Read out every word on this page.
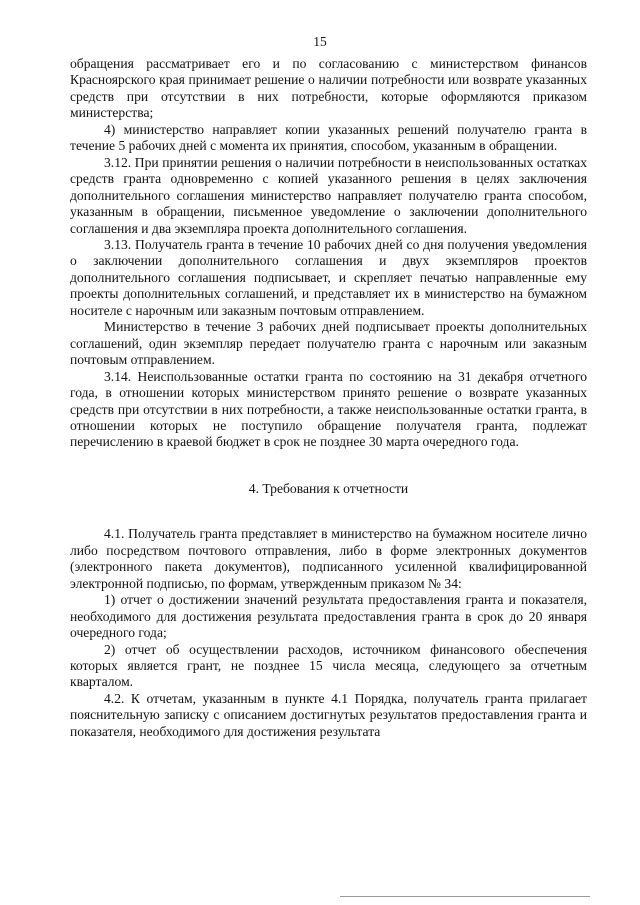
15

обращения рассматривает его и по согласованию с министерством финансов Красноярского края принимает решение о наличии потребности или возврате указанных средств при отсутствии в них потребности, которые оформляются приказом министерства;

4) министерство направляет копии указанных решений получателю гранта в течение 5 рабочих дней с момента их принятия, способом, указанным в обращении.

3.12. При принятии решения о наличии потребности в неиспользованных остатках средств гранта одновременно с копией указанного решения в целях заключения дополнительного соглашения министерство направляет получателю гранта способом, указанным в обращении, письменное уведомление о заключении дополнительного соглашения и два экземпляра проекта дополнительного соглашения.

3.13. Получатель гранта в течение 10 рабочих дней со дня получения уведомления о заключении дополнительного соглашения и двух экземпляров проектов дополнительного соглашения подписывает, и скрепляет печатью направленные ему проекты дополнительных соглашений, и представляет их в министерство на бумажном носителе с нарочным или заказным почтовым отправлением.

Министерство в течение 3 рабочих дней подписывает проекты дополнительных соглашений, один экземпляр передает получателю гранта с нарочным или заказным почтовым отправлением.

3.14. Неиспользованные остатки гранта по состоянию на 31 декабря отчетного года, в отношении которых министерством принято решение о возврате указанных средств при отсутствии в них потребности, а также неиспользованные остатки гранта, в отношении которых не поступило обращение получателя гранта, подлежат перечислению в краевой бюджет в срок не позднее 30 марта очередного года.

4. Требования к отчетности

4.1. Получатель гранта представляет в министерство на бумажном носителе лично либо посредством почтового отправления, либо в форме электронных документов (электронного пакета документов), подписанного усиленной квалифицированной электронной подписью, по формам, утвержденным приказом № 34:

1) отчет о достижении значений результата предоставления гранта и показателя, необходимого для достижения результата предоставления гранта в срок до 20 января очередного года;

2) отчет об осуществлении расходов, источником финансового обеспечения которых является грант, не позднее 15 числа месяца, следующего за отчетным кварталом.

4.2. К отчетам, указанным в пункте 4.1 Порядка, получатель гранта прилагает пояснительную записку с описанием достигнутых результатов предоставления гранта и показателя, необходимого для достижения результата
